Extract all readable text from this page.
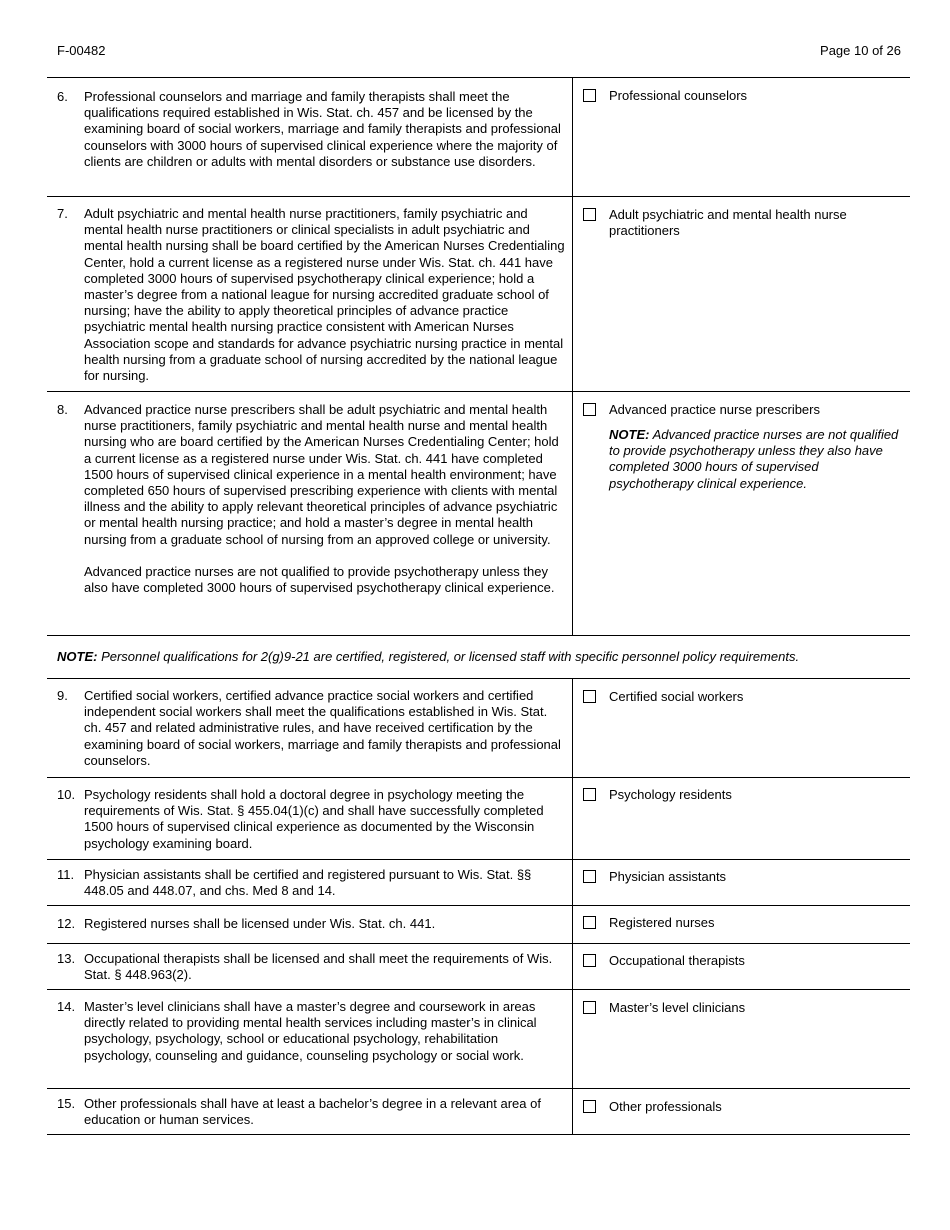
F-00482	Page 10 of 26
6. Professional counselors and marriage and family therapists shall meet the qualifications required established in Wis. Stat. ch. 457 and be licensed by the examining board of social workers, marriage and family therapists and professional counselors with 3000 hours of supervised clinical experience where the majority of clients are children or adults with mental disorders or substance use disorders.

Professional counselors
7. Adult psychiatric and mental health nurse practitioners, family psychiatric and mental health nurse practitioners or clinical specialists in adult psychiatric and mental health nursing shall be board certified by the American Nurses Credentialing Center, hold a current license as a registered nurse under Wis. Stat. ch. 441 have completed 3000 hours of supervised psychotherapy clinical experience; hold a master’s degree from a national league for nursing accredited graduate school of nursing; have the ability to apply theoretical principles of advance practice psychiatric mental health nursing practice consistent with American Nurses Association scope and standards for advance psychiatric nursing practice in mental health nursing from a graduate school of nursing accredited by the national league for nursing.

Adult psychiatric and mental health nurse practitioners
8. Advanced practice nurse prescribers shall be adult psychiatric and mental health nurse practitioners, family psychiatric and mental health nurse and mental health nursing who are board certified by the American Nurses Credentialing Center; hold a current license as a registered nurse under Wis. Stat. ch. 441 have completed 1500 hours of supervised clinical experience in a mental health environment; have completed 650 hours of supervised prescribing experience with clients with mental illness and the ability to apply relevant theoretical principles of advance psychiatric or mental health nursing practice; and hold a master’s degree in mental health nursing from a graduate school of nursing from an approved college or university.

Advanced practice nurses are not qualified to provide psychotherapy unless they also have completed 3000 hours of supervised psychotherapy clinical experience.

Advanced practice nurse prescribers
NOTE: Advanced practice nurses are not qualified to provide psychotherapy unless they also have completed 3000 hours of supervised psychotherapy clinical experience.
NOTE: Personnel qualifications for 2(g)9-21 are certified, registered, or licensed staff with specific personnel policy requirements.
9. Certified social workers, certified advance practice social workers and certified independent social workers shall meet the qualifications established in Wis. Stat. ch. 457 and related administrative rules, and have received certification by the examining board of social workers, marriage and family therapists and professional counselors.

Certified social workers
10. Psychology residents shall hold a doctoral degree in psychology meeting the requirements of Wis. Stat. § 455.04(1)(c) and shall have successfully completed 1500 hours of supervised clinical experience as documented by the Wisconsin psychology examining board.

Psychology residents
11. Physician assistants shall be certified and registered pursuant to Wis. Stat. §§ 448.05 and 448.07, and chs. Med 8 and 14.

Physician assistants
12. Registered nurses shall be licensed under Wis. Stat. ch. 441.	Registered nurses
13. Occupational therapists shall be licensed and shall meet the requirements of Wis. Stat. § 448.963(2).

Occupational therapists
14. Master’s level clinicians shall have a master’s degree and coursework in areas directly related to providing mental health services including master’s in clinical psychology, psychology, school or educational psychology, rehabilitation psychology, counseling and guidance, counseling psychology or social work.

Master’s level clinicians
15. Other professionals shall have at least a bachelor’s degree in a relevant area of education or human services.

Other professionals
